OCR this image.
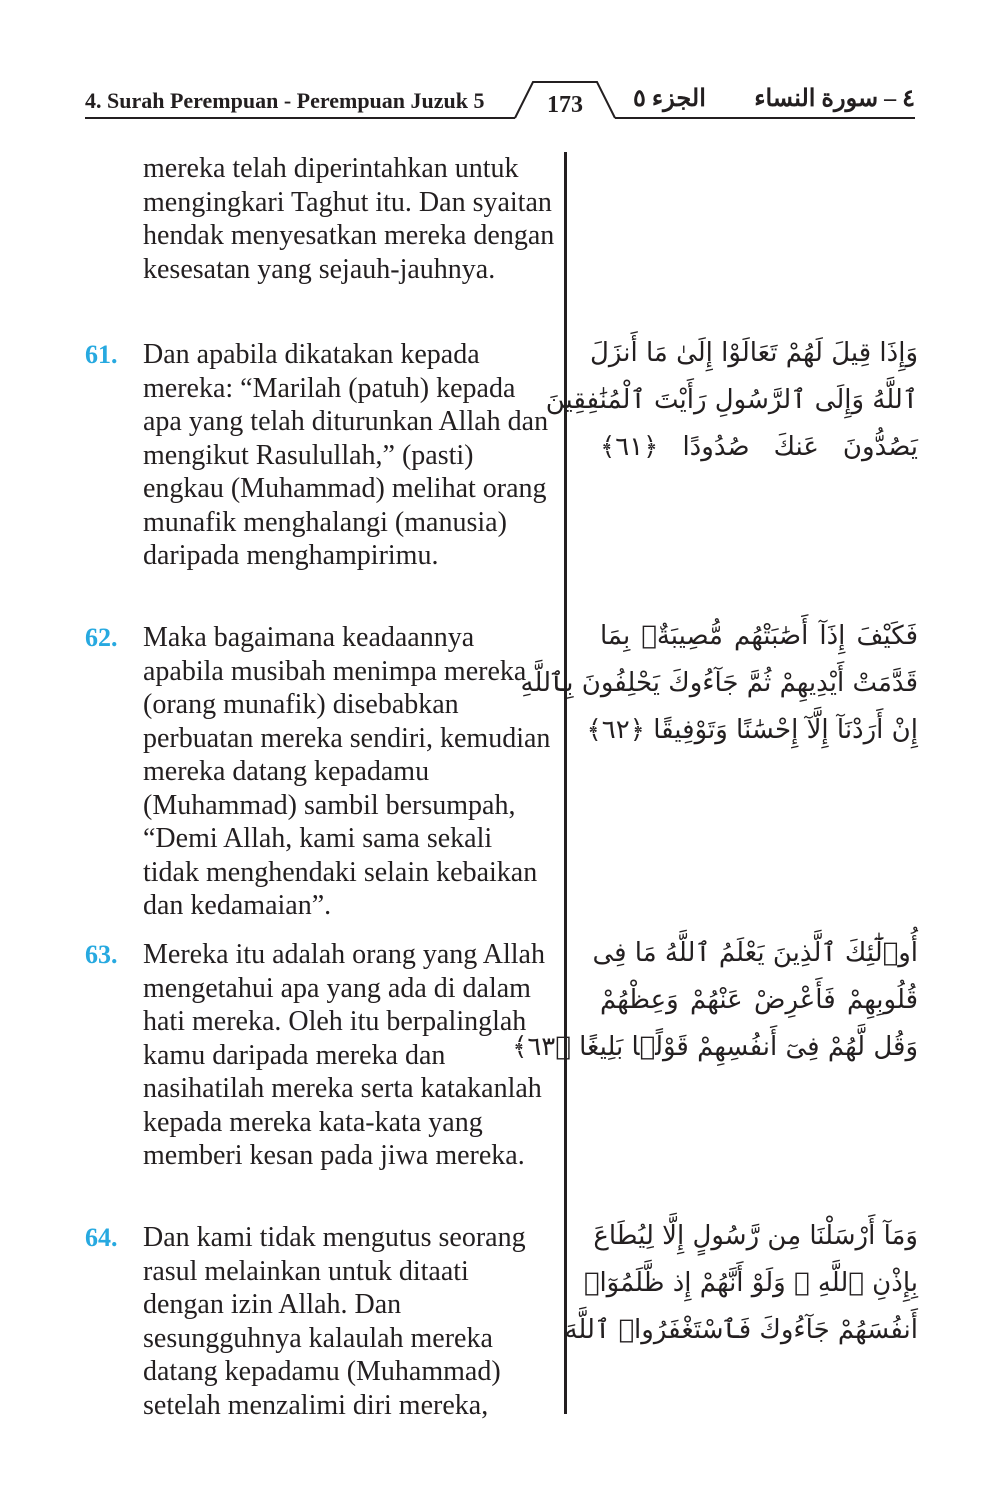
4. Surah Perempuan - Perempuan Juzuk 5	173	الجزء ٥ ٤ – سورة النساء
mereka telah diperintahkan untuk mengingkari Taghut itu. Dan syaitan hendak menyesatkan mereka dengan kesesatan yang sejauh-jauhnya.
61. Dan apabila dikatakan kepada mereka: “Marilah (patuh) kepada apa yang telah diturunkan Allah dan mengikut Rasulullah,” (pasti) engkau (Muhammad) melihat orang munafik menghalangi (manusia) daripada menghampirimu.
وَإِذَا قِيلَ لَهُمْ تَعَالَوْا إِلَىٰ مَا أَنزَلَ
ٱللَّهُ وَإِلَى ٱلرَّسُولِ رَأَيْتَ ٱلْمُنَٰفِقِينَ
يَصُدُّونَ عَنكَ صُدُودًا ﴿٦١﴾
62. Maka bagaimana keadaannya apabila musibah menimpa mereka (orang munafik) disebabkan perbuatan mereka sendiri, kemudian mereka datang kepadamu (Muhammad) sambil bersumpah, “Demi Allah, kami sama sekali tidak menghendaki selain kebaikan dan kedamaian”.
فَكَيْفَ إِذَآ أَصَٰبَتْهُم مُّصِيبَةٌۢ بِمَا
قَدَّمَتْ أَيْدِيهِمْ ثُمَّ جَآءُوكَ يَحْلِفُونَ بِٱللَّهِ
إِنْ أَرَدْنَآ إِلَّآ إِحْسَٰنًا وَتَوْفِيقًا ﴿٦٢﴾
63. Mereka itu adalah orang yang Allah mengetahui apa yang ada di dalam hati mereka. Oleh itu berpalinglah kamu daripada mereka dan nasihatilah mereka serta katakanlah kepada mereka kata-kata yang memberi kesan pada jiwa mereka.
أُو۟لَٰٓئِكَ ٱلَّذِينَ يَعْلَمُ ٱللَّهُ مَا فِى
قُلُوبِهِمْ فَأَعْرِضْ عَنْهُمْ وَعِظْهُمْ
وَقُل لَّهُمْ فِىٓ أَنفُسِهِمْ قَوْلًۢا بَلِيغًا ﴿٦٣﴾
64. Dan kami tidak mengutus seorang rasul melainkan untuk ditaati dengan izin Allah. Dan sesungguhnya kalaulah mereka datang kepadamu (Muhammad) setelah menzalimi diri mereka,
وَمَآ أَرْسَلْنَا مِن رَّسُولٍ إِلَّا لِيُطَاعَ
بِإِذْنِ ٱللَّهِ ۚ وَلَوْ أَنَّهُمْ إِذ ظَّلَمُوٓا۟
أَنفُسَهُمْ جَآءُوكَ فَٱسْتَغْفَرُوا۟ ٱللَّهَ
